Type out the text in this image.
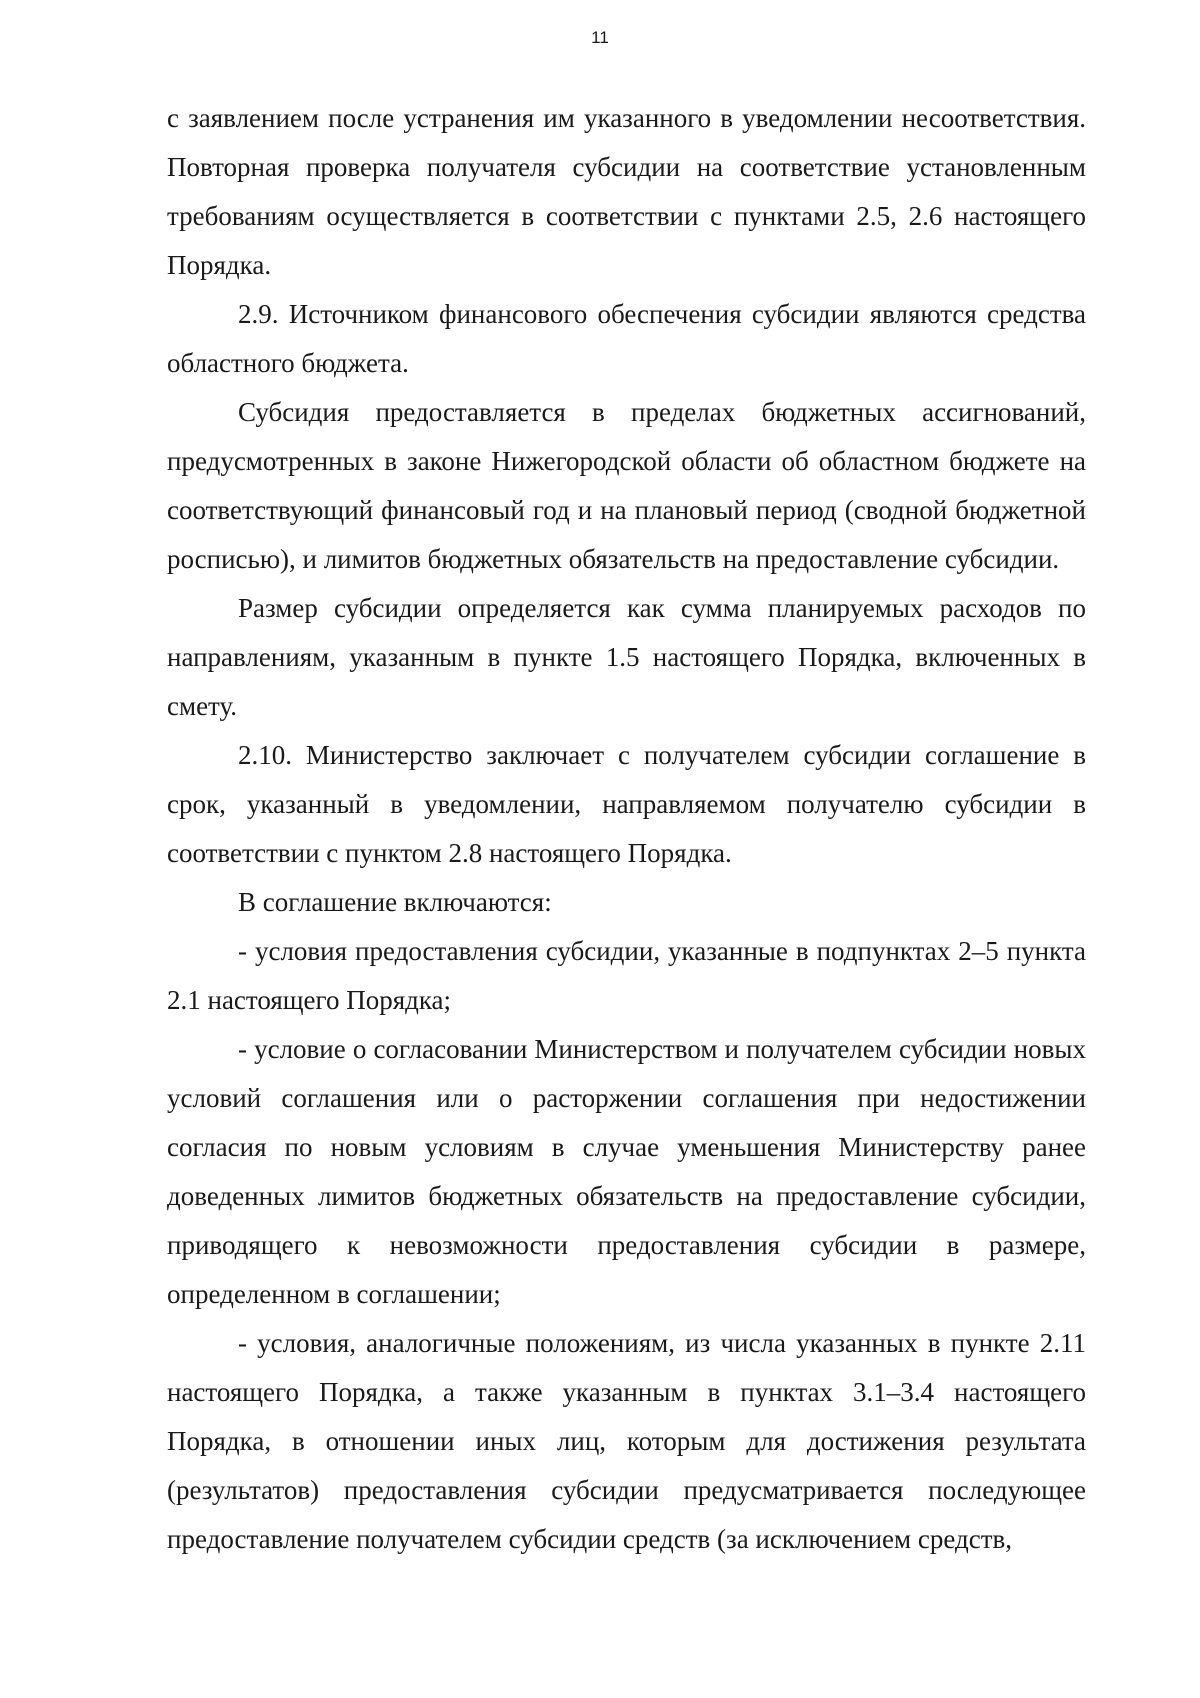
11

с заявлением после устранения им указанного в уведомлении несоответствия. Повторная проверка получателя субсидии на соответствие установленным требованиям осуществляется в соответствии с пунктами 2.5, 2.6 настоящего Порядка.

2.9. Источником финансового обеспечения субсидии являются средства областного бюджета.

Субсидия предоставляется в пределах бюджетных ассигнований, предусмотренных в законе Нижегородской области об областном бюджете на соответствующий финансовый год и на плановый период (сводной бюджетной росписью), и лимитов бюджетных обязательств на предоставление субсидии.

Размер субсидии определяется как сумма планируемых расходов по направлениям, указанным в пункте 1.5 настоящего Порядка, включенных в смету.

2.10. Министерство заключает с получателем субсидии соглашение в срок, указанный в уведомлении, направляемом получателю субсидии в соответствии с пунктом 2.8 настоящего Порядка.

В соглашение включаются:

- условия предоставления субсидии, указанные в подпунктах 2–5 пункта 2.1 настоящего Порядка;

- условие о согласовании Министерством и получателем субсидии новых условий соглашения или о расторжении соглашения при недостижении согласия по новым условиям в случае уменьшения Министерству ранее доведенных лимитов бюджетных обязательств на предоставление субсидии, приводящего к невозможности предоставления субсидии в размере, определенном в соглашении;

- условия, аналогичные положениям, из числа указанных в пункте 2.11 настоящего Порядка, а также указанным в пунктах 3.1–3.4 настоящего Порядка, в отношении иных лиц, которым для достижения результата (результатов) предоставления субсидии предусматривается последующее предоставление получателем субсидии средств (за исключением средств,
